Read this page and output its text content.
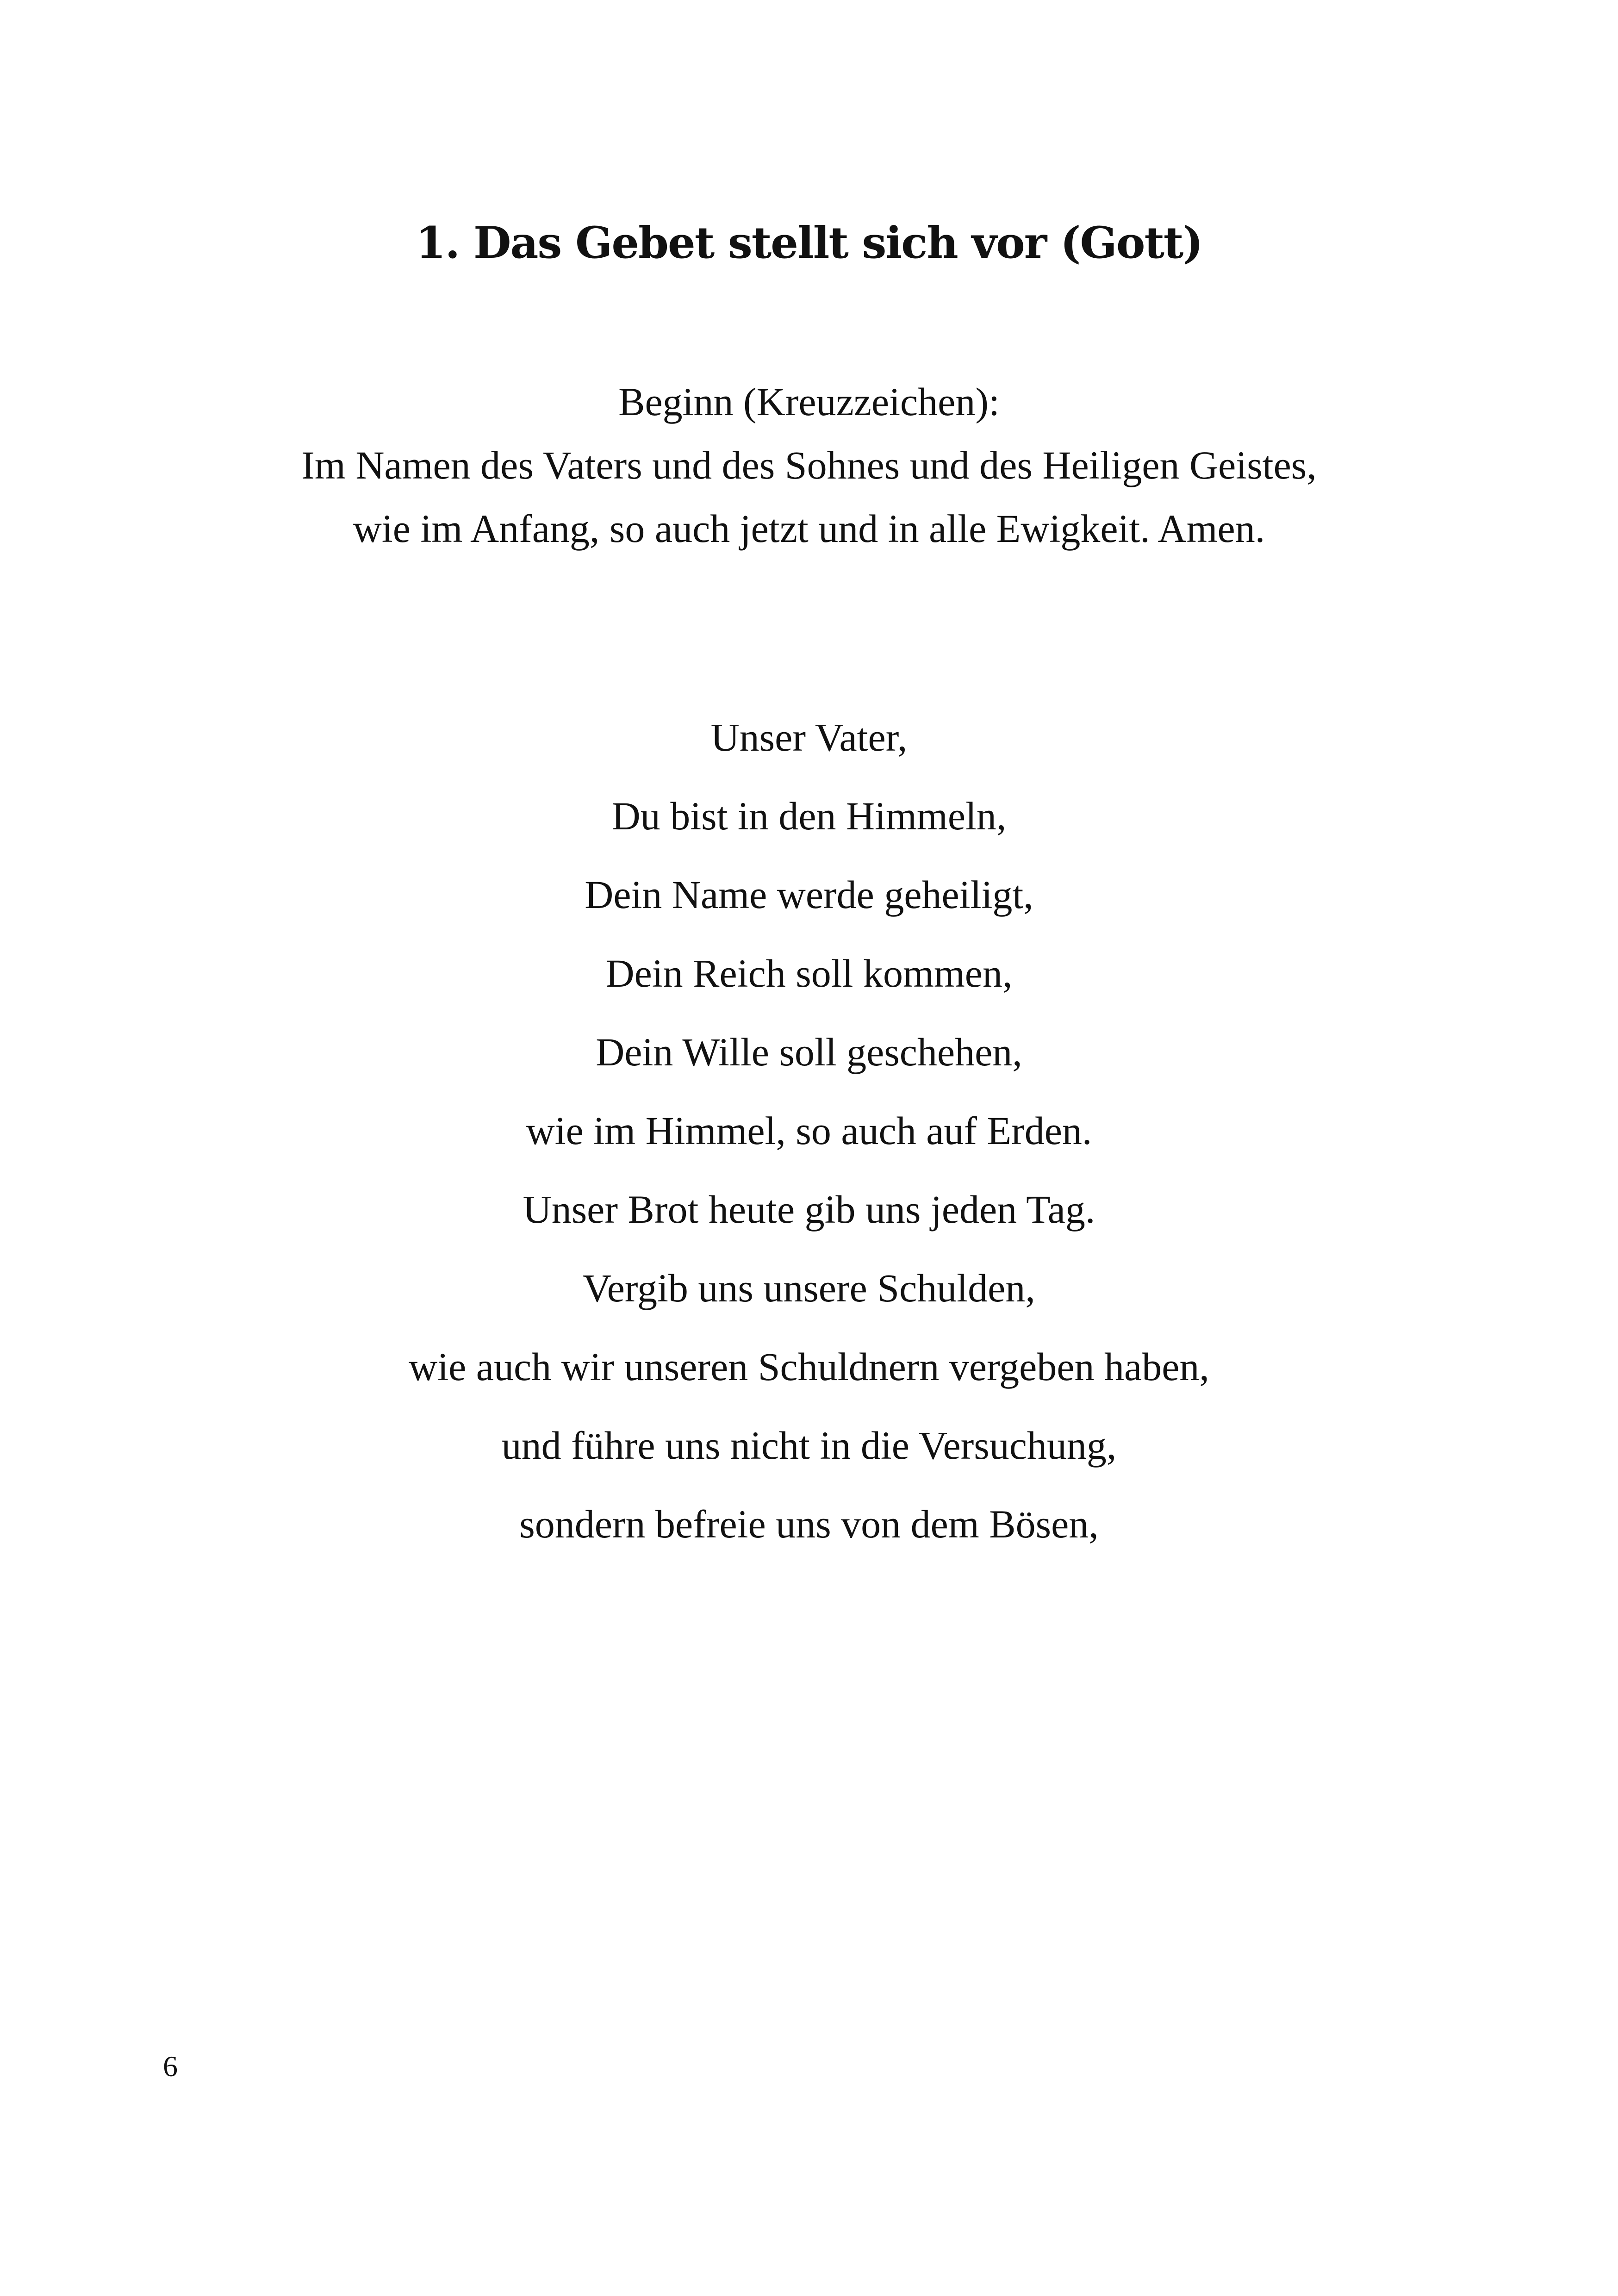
1. Das Gebet stellt sich vor (Gott)
Beginn (Kreuzzeichen):
Im Namen des Vaters und des Sohnes und des Heiligen Geistes,
wie im Anfang, so auch jetzt und in alle Ewigkeit. Amen.
Unser Vater,
Du bist in den Himmeln,
Dein Name werde geheiligt,
Dein Reich soll kommen,
Dein Wille soll geschehen,
wie im Himmel, so auch auf Erden.
Unser Brot heute gib uns jeden Tag.
Vergib uns unsere Schulden,
wie auch wir unseren Schuldnern vergeben haben,
und führe uns nicht in die Versuchung,
sondern befreie uns von dem Bösen,
6
